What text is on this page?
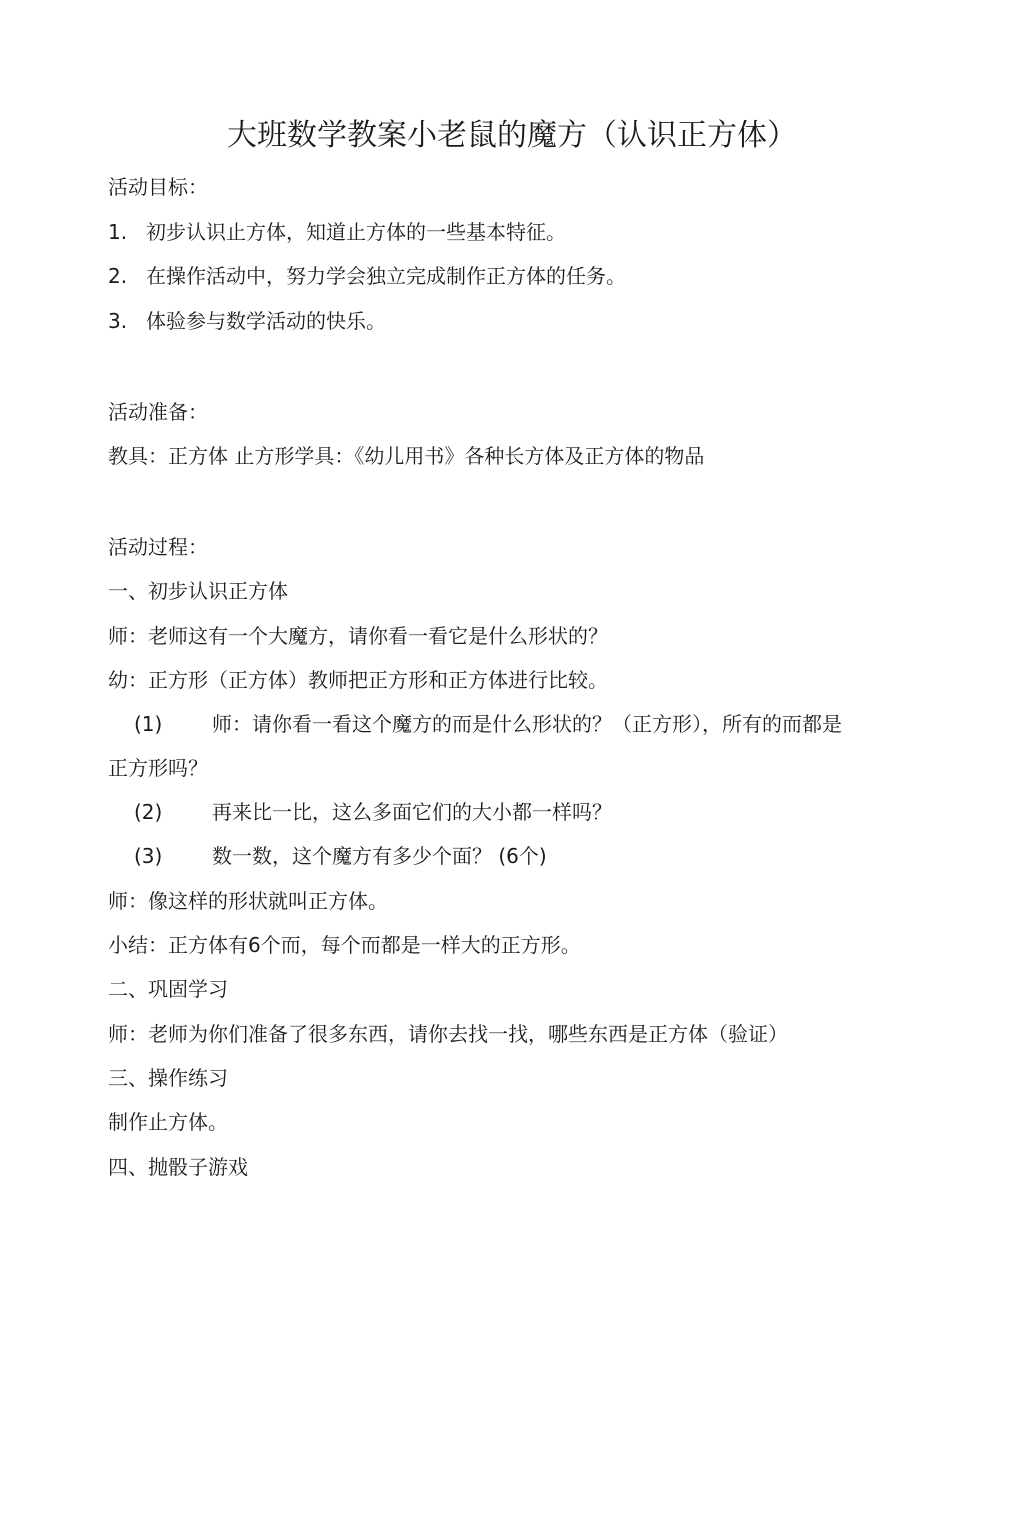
大班数学教案小老鼠的魔方（认识正方体）
活动目标：
1. 初步认识止方体，知道止方体的一些基本特征。
2. 在操作活动中，努力学会独立完成制作正方体的任务。
3. 体验参与数学活动的快乐。
活动准备：
教具：正方体 止方形学具：《幼儿用书》各种长方体及正方体的物品
活动过程：
一、初步认识正方体
师：老师这有一个大魔方，请你看一看它是什么形状的？
幼：正方形（正方体）教师把正方形和正方体进行比较。
(1) 师：请你看一看这个魔方的而是什么形状的？（正方形），所有的而都是
正方形吗？
(2) 再来比一比，这么多面它们的大小都一样吗？
(3) 数一数，这个魔方有多少个面？ (6个)
师：像这样的形状就叫正方体。
小结：正方体有6个而，每个而都是一样大的正方形。
二、巩固学习
师：老师为你们准备了很多东西，请你去找一找，哪些东西是正方体（验证）
三、操作练习
制作止方体。
四、抛骰子游戏
